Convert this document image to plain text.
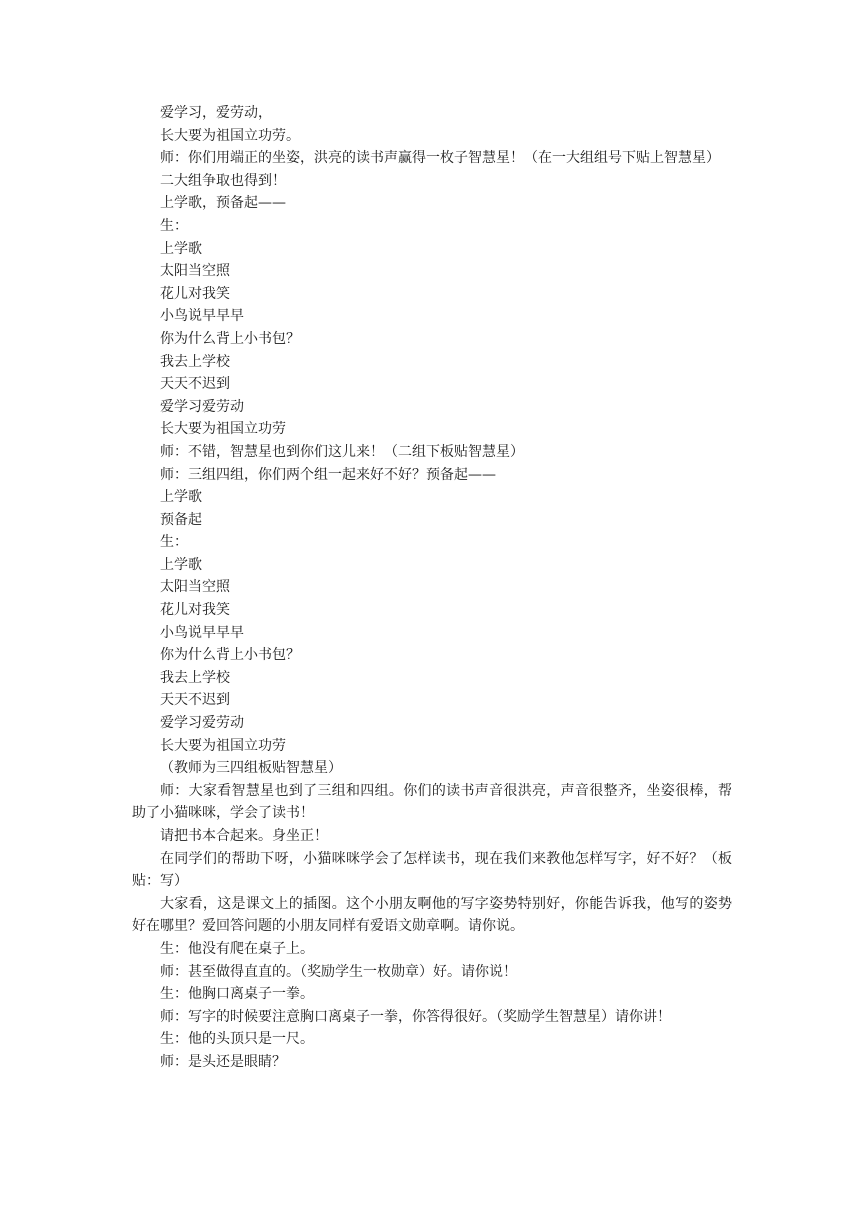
爱学习，爱劳动，

长大要为祖国立功劳。

师：你们用端正的坐姿，洪亮的读书声赢得一枚子智慧星！（在一大组组号下贴上智慧星）

二大组争取也得到！

上学歌，预备起——

生：

上学歌

太阳当空照

花儿对我笑

小鸟说早早早

你为什么背上小书包？

我去上学校

天天不迟到

爱学习爱劳动

长大要为祖国立功劳

师：不错，智慧星也到你们这儿来！（二组下板贴智慧星）

师：三组四组，你们两个组一起来好不好？预备起——

上学歌

预备起

生：

上学歌

太阳当空照

花儿对我笑

小鸟说早早早

你为什么背上小书包？

我去上学校

天天不迟到

爱学习爱劳动

长大要为祖国立功劳

（教师为三四组板贴智慧星）

师：大家看智慧星也到了三组和四组。你们的读书声音很洪亮，声音很整齐，坐姿很棒，帮助了小猫咪咪，学会了读书！

请把书本合起来。身坐正！

在同学们的帮助下呀，小猫咪咪学会了怎样读书，现在我们来教他怎样写字，好不好？（板贴：写）

大家看，这是课文上的插图。这个小朋友啊他的写字姿势特别好，你能告诉我，他写的姿势好在哪里？爱回答问题的小朋友同样有爱语文勋章啊。请你说。

生：他没有爬在桌子上。

师：甚至做得直直的。（奖励学生一枚勋章）好。请你说！

生：他胸口离桌子一拳。

师：写字的时候要注意胸口离桌子一拳，你答得很好。（奖励学生智慧星）请你讲！

生：他的头顶只是一尺。

师：是头还是眼睛？
